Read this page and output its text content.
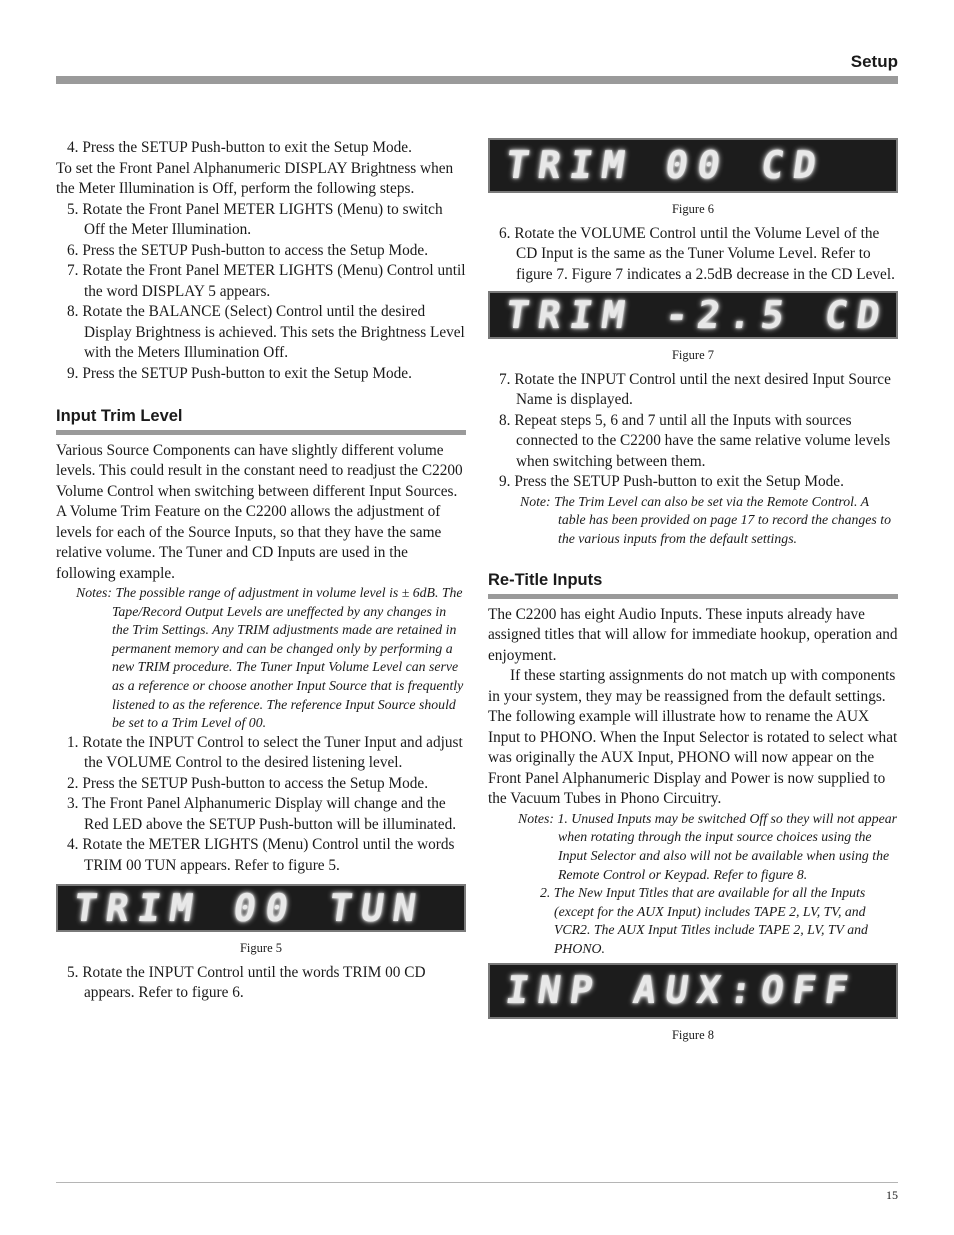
Setup

4. Press the SETUP Push-button to exit the Setup Mode.

To set the Front Panel Alphanumeric DISPLAY Brightness when the Meter Illumination is Off, perform the following steps.

5. Rotate the Front Panel METER LIGHTS (Menu) to switch Off the Meter Illumination.

6. Press the SETUP Push-button to access the Setup Mode.

7. Rotate the Front Panel METER LIGHTS (Menu) Control until the word DISPLAY 5 appears.

8. Rotate the BALANCE (Select) Control until the desired Display Brightness is achieved. This sets the Brightness Level with the Meters Illumination Off.

9. Press the SETUP Push-button to exit the Setup Mode.

Input Trim Level

Various Source Components can have slightly different volume levels. This could result in the constant need to readjust the C2200 Volume Control when switching between different Input Sources. A Volume Trim Feature on the C2200 allows the adjustment of levels for each of the Source Inputs, so that they have the same relative volume. The Tuner and CD Inputs are used in the following example.

Notes: The possible range of adjustment in volume level is ± 6dB. The Tape/Record Output Levels are uneffected by any changes in the Trim Settings. Any TRIM adjustments made are retained in permanent memory and can be changed only by performing a new TRIM procedure. The Tuner Input Volume Level can serve as a reference or choose another Input Source that is frequently listened to as the reference. The reference Input Source should be set to a Trim Level of 00.

1. Rotate the INPUT Control to select the Tuner Input and adjust the VOLUME Control to the desired listening level.

2. Press the SETUP Push-button to access the Setup Mode.

3. The Front Panel Alphanumeric Display will change and the Red LED above the SETUP Push-button will be illuminated.

4. Rotate the METER LIGHTS (Menu) Control until the words TRIM 00 TUN appears. Refer to figure 5.

TRIM 00 TUN
Figure 5

5. Rotate the INPUT Control until the words TRIM 00 CD appears. Refer to figure 6.

TRIM 00 CD
Figure 6

6. Rotate the VOLUME Control until the Volume Level of the CD Input is the same as the Tuner Volume Level. Refer to figure 7. Figure 7 indicates a 2.5dB decrease in the CD Level.

TRIM -2.5 CD
Figure 7

7. Rotate the INPUT Control until the next desired Input Source Name is displayed.

8. Repeat steps 5, 6 and 7 until all the Inputs with sources connected to the C2200 have the same relative volume levels when switching between them.

9. Press the SETUP Push-button to exit the Setup Mode.

Note: The Trim Level can also be set via the Remote Control. A table has been provided on page 17 to record the changes to the various inputs from the default settings.

Re-Title Inputs

The C2200 has eight Audio Inputs. These inputs already have assigned titles that will allow for immediate hookup, operation and enjoyment.

If these starting assignments do not match up with components in your system, they may be reassigned from the default settings. The following example will illustrate how to rename the AUX Input to PHONO. When the Input Selector is rotated to select what was originally the AUX Input, PHONO will now appear on the Front Panel Alphanumeric Display and Power is now supplied to the Vacuum Tubes in Phono Circuitry.

Notes: 1. Unused Inputs may be switched Off so they will not appear when rotating through the input source choices using the Input Selector and also will not be available when using the Remote Control or Keypad. Refer to figure 8.

2. The New Input Titles that are available for all the Inputs (except for the AUX Input) includes TAPE 2, LV, TV, and VCR2. The AUX Input Titles include TAPE 2, LV, TV and PHONO.

INP AUX:OFF
Figure 8
15
